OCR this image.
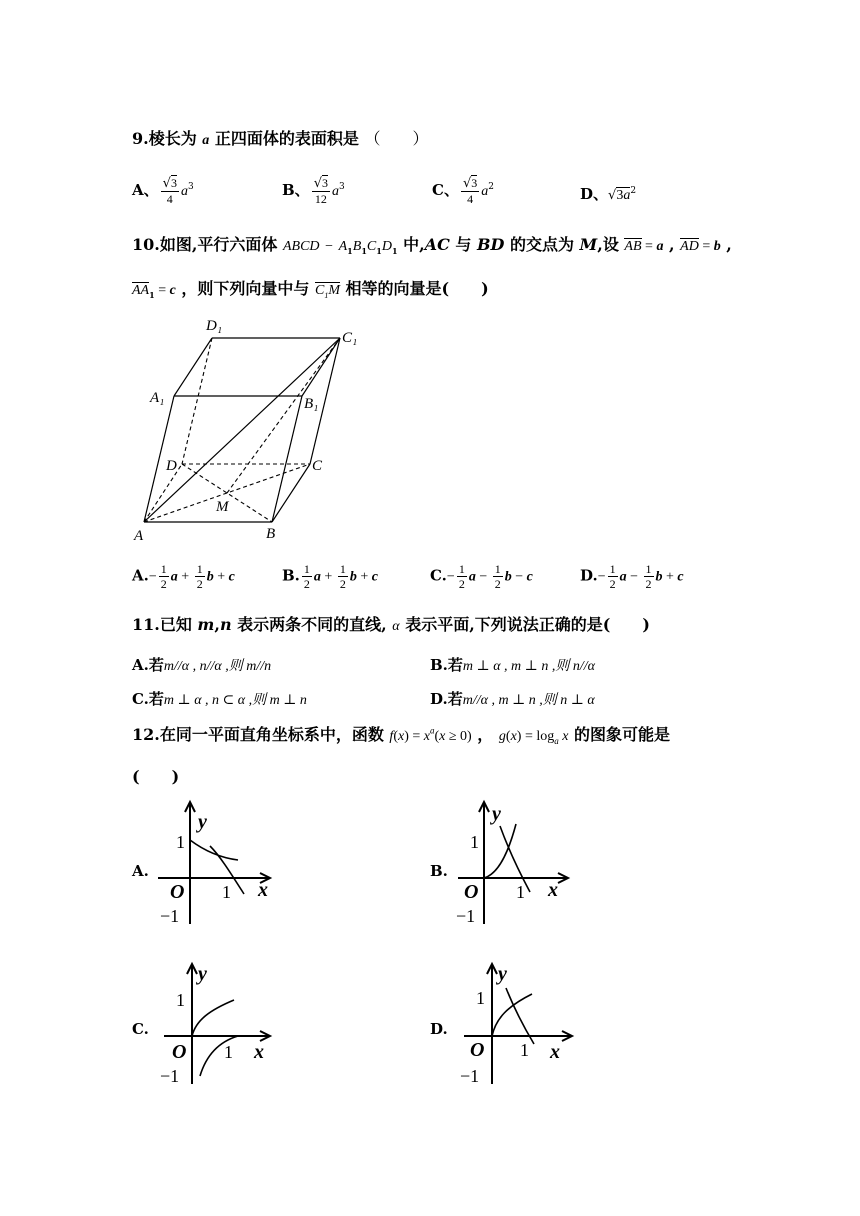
9.棱长为 a 正四面体的表面积是 （　　）
A、 $\frac{√3}{4} a^3$	B、 $\frac{√3}{12} a^3$	C、 $\frac{√3}{4} a^2$	D、$√3a^2$
10.如图,平行六面体 ABCD − $A_1B_1C_1D_1$ 中,AC 与 BD 的交点为 M,设 AB = a , AD = b ,
$AA_1 = c$ ，则下列向量中与 $C_1M$ 相等的向量是(　　)
D₁
C₁
A₁	B₁
D	C
M
A	B
$A.- \frac{1}{2}$ $a + \frac{1}{2}$ b + c	B. $\frac{1}{2}$ $a + \frac{1}{2}$ b + c	$C.- \frac{1}{2}$ $a - \frac{1}{2}$ b − c	$D.- \frac{1}{2}$ $a - \frac{1}{2}$ b + c
11.已知 m,n 表示两条不同的直线, α 表示平面,下列说法正确的是(　　)
A.若m//α , n//α ,则 m//n	B.若m ⊥ α , m ⊥ n ,则 n//α
C.若m ⊥ α , n ⊂ α ,则 m ⊥ n	D.若m//α , m ⊥ n ,则 n ⊥ α
12.在同一平面直角坐标系中，函数 $f(x) = x^a(x \ge 0)$ ， $g(x) = \log_a x$ 的图象可能是
(　　)
A.
y
x
O
1
1
−1
B.
y
x
O
1
1
−1
C.
y
x
O
1
1
−1
D.
y
x
O
1
1
−1
